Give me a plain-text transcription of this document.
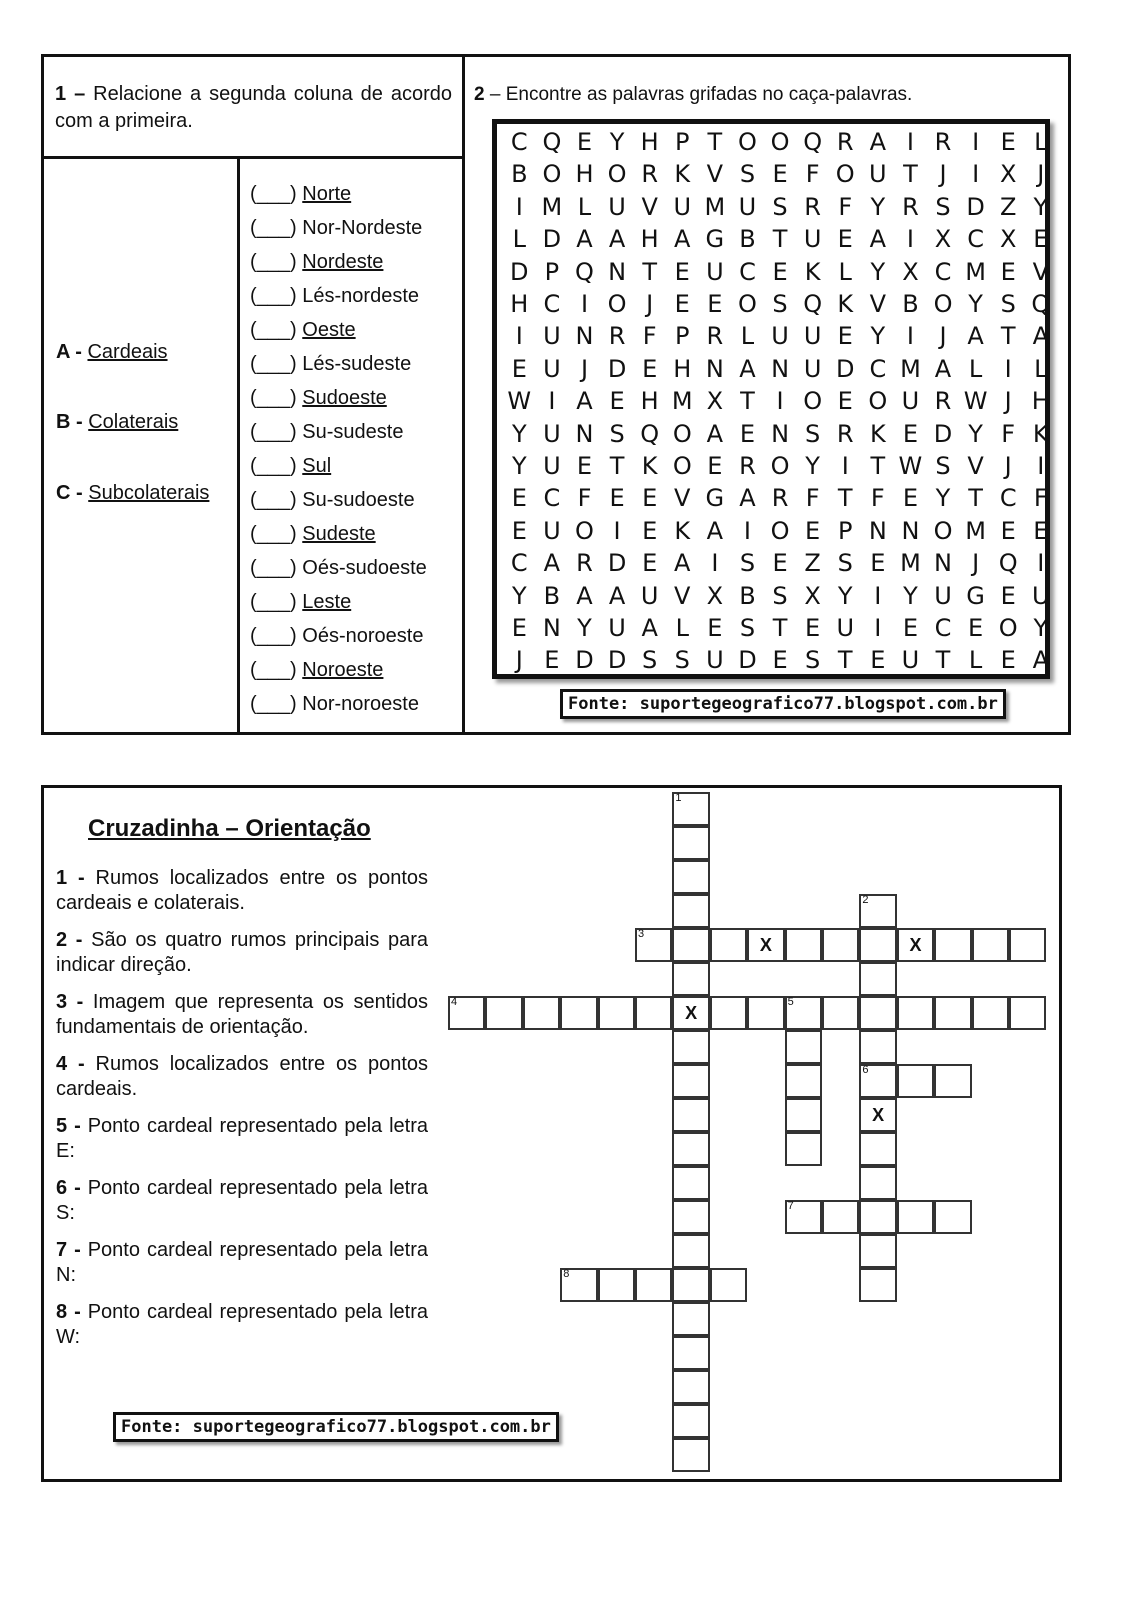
1 – Relacione a segunda coluna de acordo com a primeira.
A - Cardeais
B - Colaterais
C - Subcolaterais
(___) Norte
(___) Nor-Nordeste
(___) Nordeste
(___) Lés-nordeste
(___) Oeste
(___) Lés-sudeste
(___) Sudoeste
(___) Su-sudeste
(___) Sul
(___) Su-sudoeste
(___) Sudeste
(___) Oés-sudoeste
(___) Leste
(___) Oés-noroeste
(___) Noroeste
(___) Nor-noroeste
2 – Encontre as palavras grifadas no caça-palavras.
C Q E Y H P T O O Q R A I R I E L
B O H O R K V S E F O U T J	I X J
I M L U V U M U S R F Y R S D Z Y
L D A A H A G B T U E A I X C X E
D P Q N T E U C E K L Y X C M E V
H C I O J E E O S Q K V B O Y S Q
I U N R F P R L U U E Y I	J A T A
E U J D E H N A N U D C M A L I L
W I A E H M X T I O E O U R W J H
Y U N S Q O A E N S R K E D Y F K
Y U E T K O E R O Y I T W S V J	I
E C F E E V G A R F T F E Y T C F
E U O I E K A I O E P N N O M E E
C A R D E A I S E Z S E M N J Q I
Y B A A U V X B S X Y I Y U G E U
E N Y U A L E S T E U I E C E O Y
J E D D S S U D E S T E U T L E A
Fonte: suportegeografico77.blogspot.com.br
Cruzadinha – Orientação
1 - Rumos localizados entre os pontos cardeais e colaterais.
2 - São os quatro rumos principais para indicar direção.
3 - Imagem que representa os sentidos fundamentais de orientação.
4 - Rumos localizados entre os pontos cardeais.
5 - Ponto cardeal representado pela letra E:
6 - Ponto cardeal representado pela letra S:
7 - Ponto cardeal representado pela letra N:
8 - Ponto cardeal representado pela letra W:
1
X
2
6
X
3
X	X
4	5
7
8
Fonte: suportegeografico77.blogspot.com.br
